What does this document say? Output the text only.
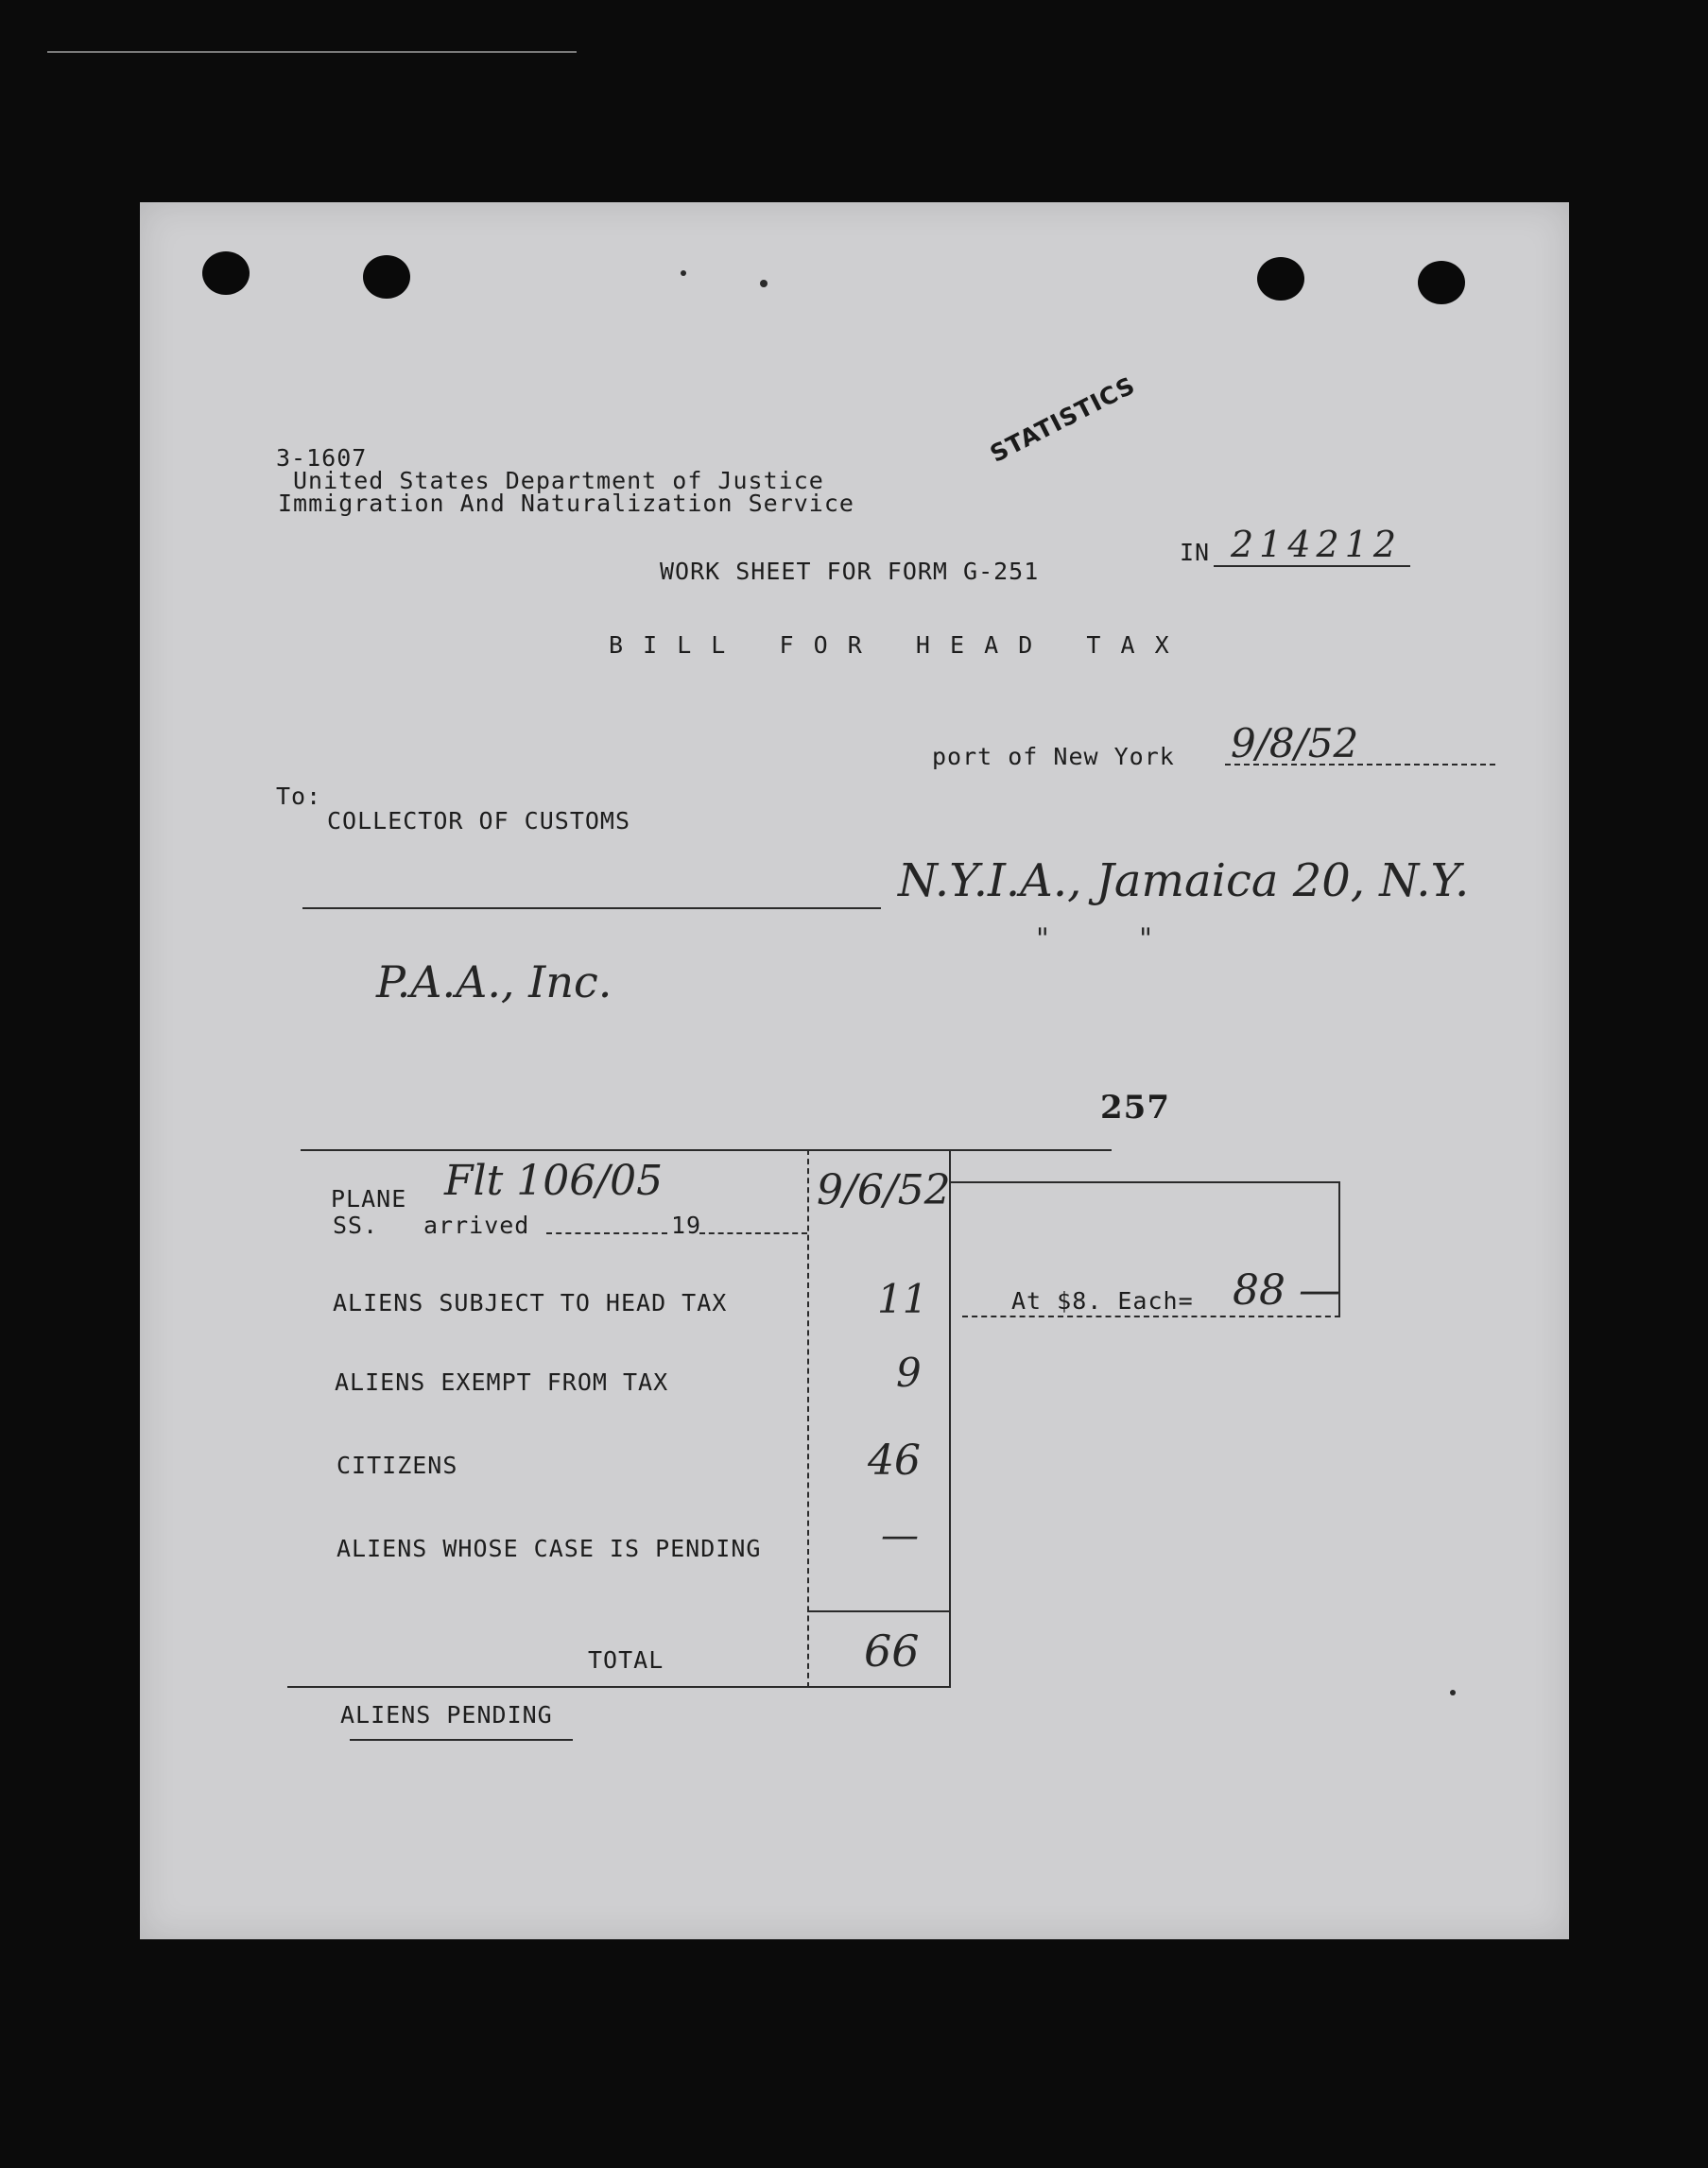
3-1607
United States Department of Justice
Immigration And Naturalization Service
STATISTICS
IN 214212
WORK SHEET FOR FORM G-251
B I L L   F O R   H E A D   T A X
port of New York 9/8/52
To:
COLLECTOR OF CUSTOMS
N.Y.I.A., Jamaica 20, N.Y.
"          "
P.A.A., Inc.
257
PLANE Flt 106/05
SS. arrived	19
9/6/52
ALIENS SUBJECT TO HEAD TAX	11	At $8. Each= 88 —
ALIENS EXEMPT FROM TAX	9
CITIZENS	46
ALIENS WHOSE CASE IS PENDING	—
TOTAL	66
ALIENS PENDING
